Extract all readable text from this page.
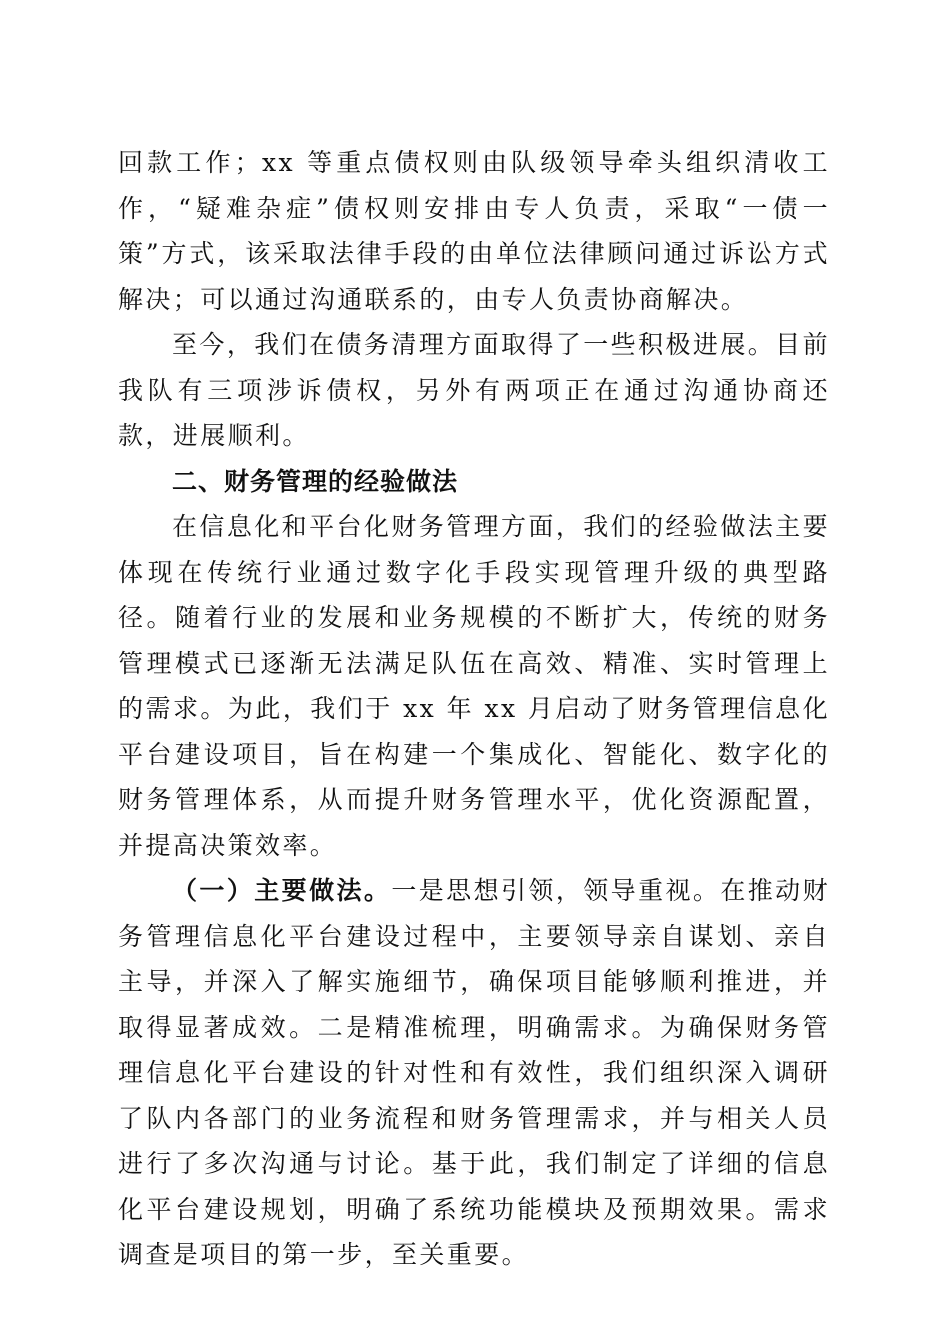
回款工作；xx 等重点债权则由队级领导牵头组织清收工作，“疑难杂症”债权则安排由专人负责，采取“一债一策”方式，该采取法律手段的由单位法律顾问通过诉讼方式解决；可以通过沟通联系的，由专人负责协商解决。

至今，我们在债务清理方面取得了一些积极进展。目前我队有三项涉诉债权，另外有两项正在通过沟通协商还款，进展顺利。

二、财务管理的经验做法

在信息化和平台化财务管理方面，我们的经验做法主要体现在传统行业通过数字化手段实现管理升级的典型路径。随着行业的发展和业务规模的不断扩大，传统的财务管理模式已逐渐无法满足队伍在高效、精准、实时管理上的需求。为此，我们于 xx 年 xx 月启动了财务管理信息化平台建设项目，旨在构建一个集成化、智能化、数字化的财务管理体系，从而提升财务管理水平，优化资源配置，并提高决策效率。

（一）主要做法。一是思想引领，领导重视。在推动财务管理信息化平台建设过程中，主要领导亲自谋划、亲自主导，并深入了解实施细节，确保项目能够顺利推进，并取得显著成效。二是精准梳理，明确需求。为确保财务管理信息化平台建设的针对性和有效性，我们组织深入调研了队内各部门的业务流程和财务管理需求，并与相关人员进行了多次沟通与讨论。基于此，我们制定了详细的信息化平台建设规划，明确了系统功能模块及预期效果。需求调查是项目的第一步，至关重要。
